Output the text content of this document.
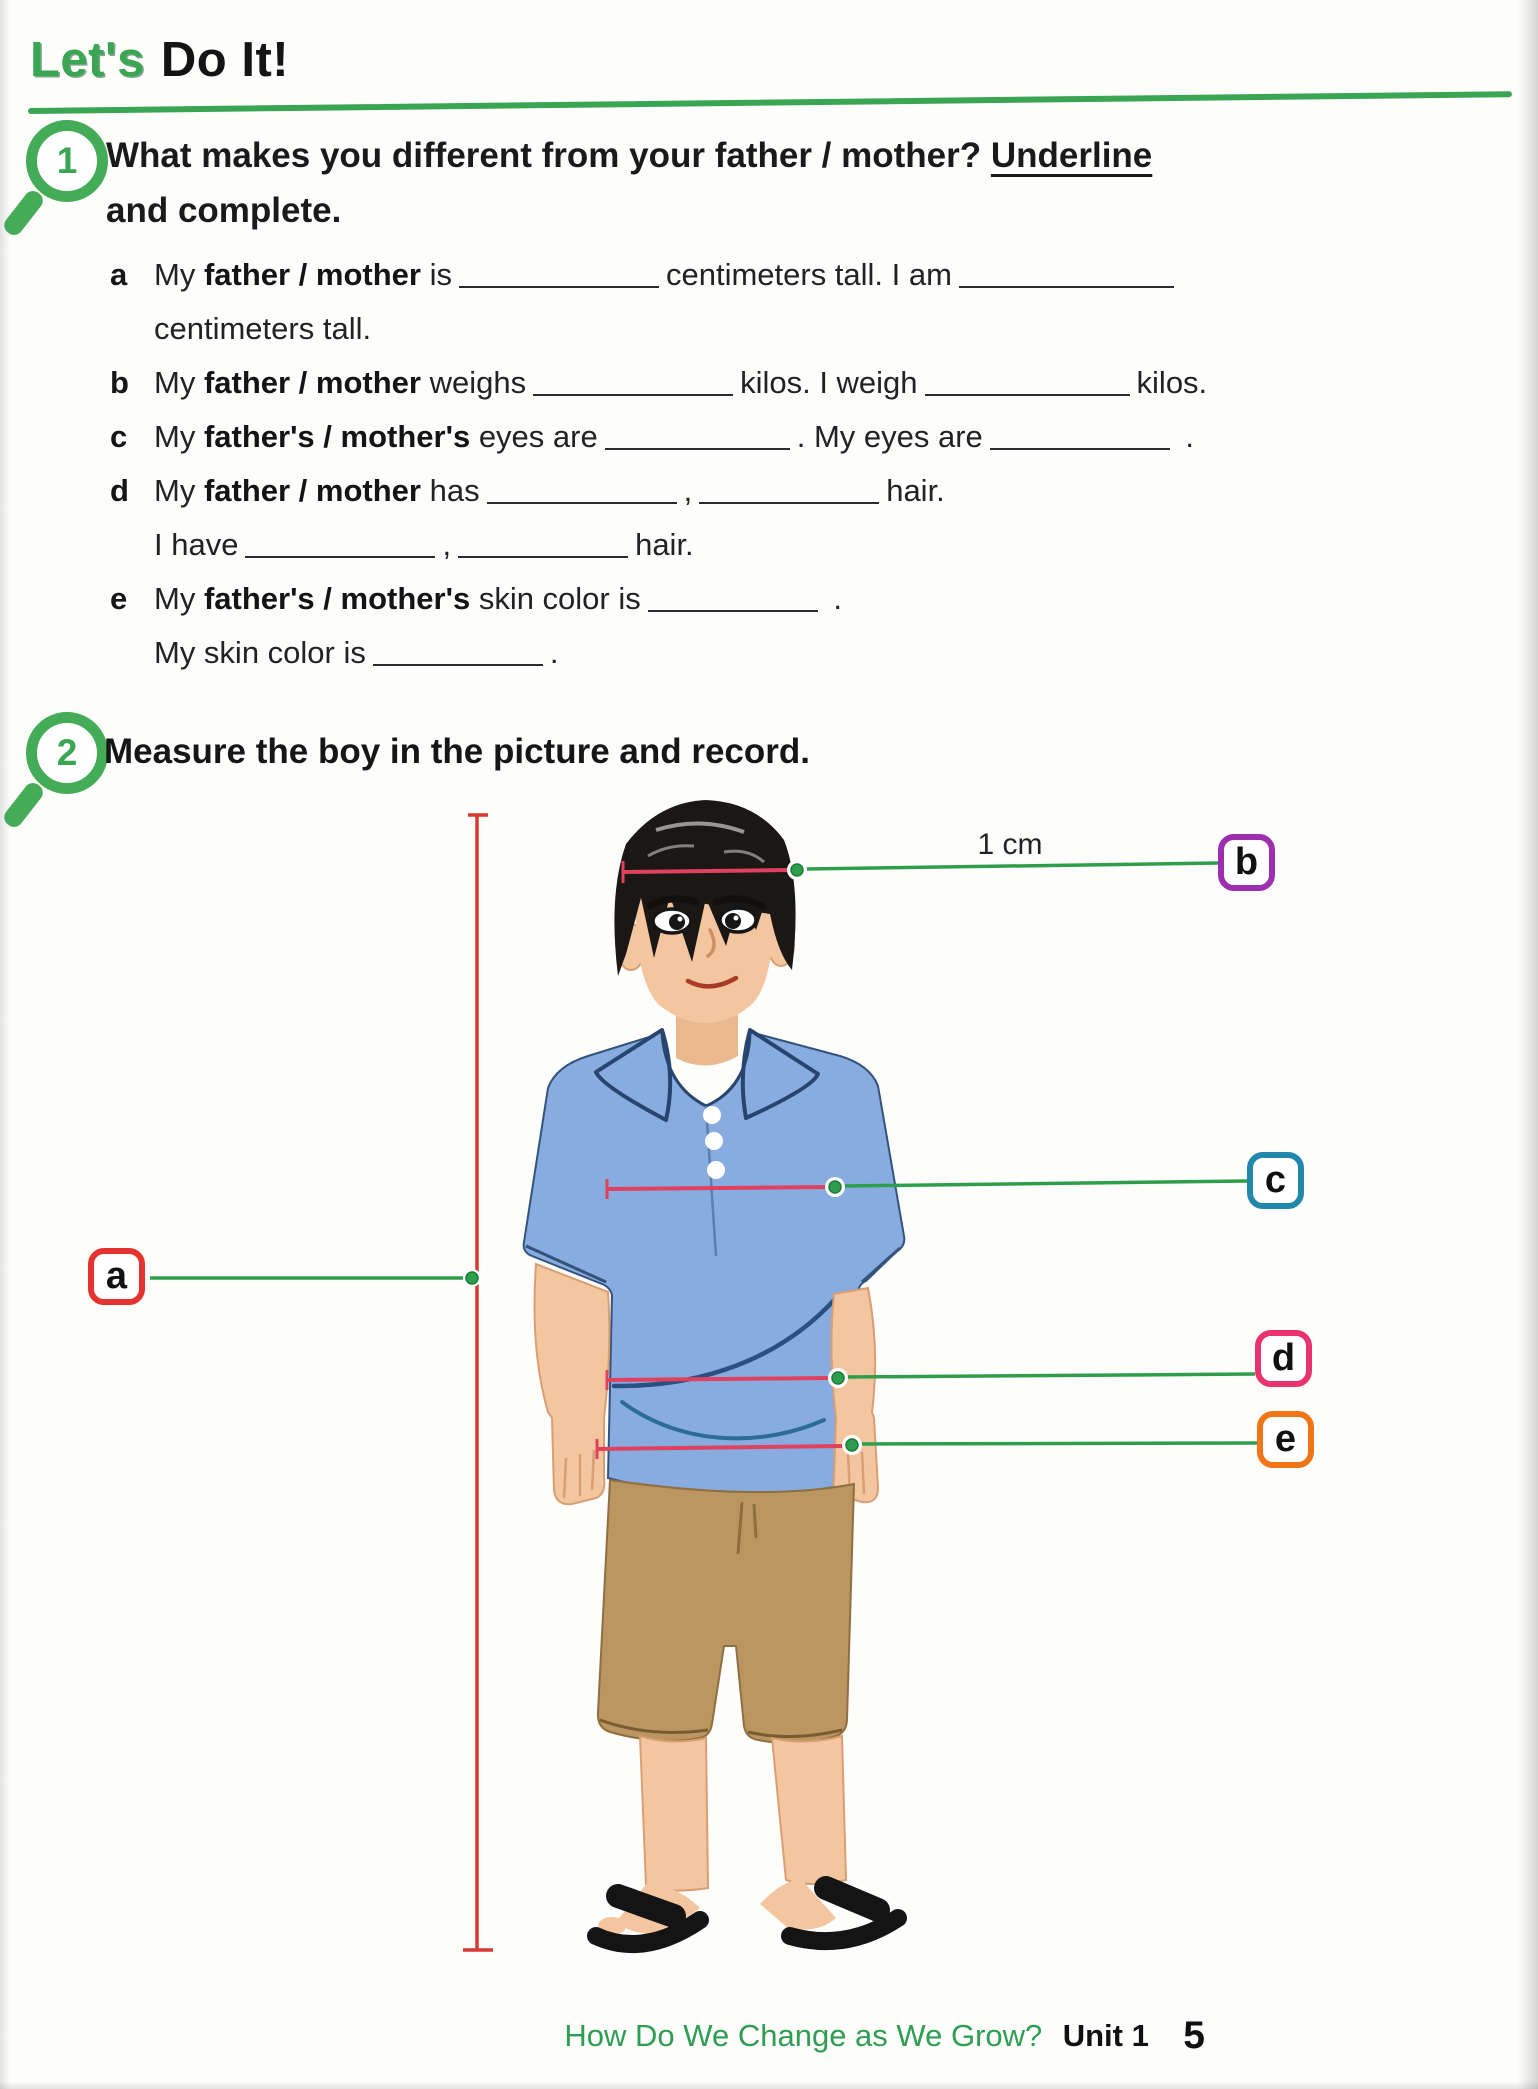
Let's Do It!
1 What makes you different from your father / mother? Underline
and complete.
a My father / mother is	centimeters tall. I am
centimeters tall.
b My father / mother weighs	kilos. I weigh	kilos.
c My father's / mother's eyes are	. My eyes are	.
d My father / mother has	,	hair.
I have	,	hair.
e My father's / mother's skin color is	.
My skin color is	.
2 Measure the boy in the picture and record.
1 cm
How Do We Change as We Grow? Unit 1 5
a
b
c
d
e
